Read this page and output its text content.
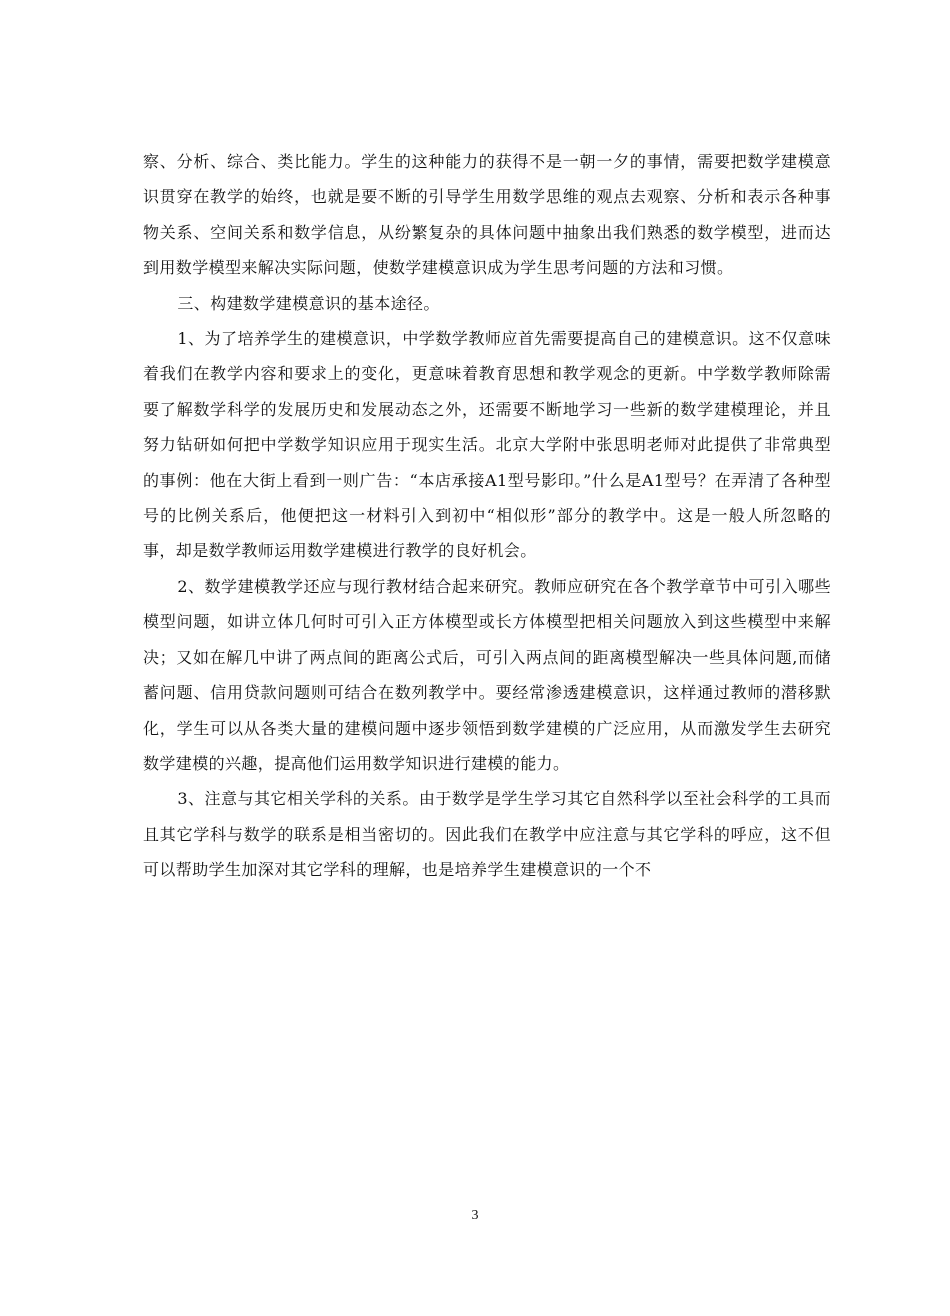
察、分析、综合、类比能力。学生的这种能力的获得不是一朝一夕的事情，需要把数学建模意识贯穿在教学的始终，也就是要不断的引导学生用数学思维的观点去观察、分析和表示各种事物关系、空间关系和数学信息，从纷繁复杂的具体问题中抽象出我们熟悉的数学模型，进而达到用数学模型来解决实际问题，使数学建模意识成为学生思考问题的方法和习惯。

三、构建数学建模意识的基本途径。

1、为了培养学生的建模意识，中学数学教师应首先需要提高自己的建模意识。这不仅意味着我们在教学内容和要求上的变化，更意味着教育思想和教学观念的更新。中学数学教师除需要了解数学科学的发展历史和发展动态之外，还需要不断地学习一些新的数学建模理论，并且努力钻研如何把中学数学知识应用于现实生活。北京大学附中张思明老师对此提供了非常典型的事例：他在大街上看到一则广告：“本店承接A1型号影印。”什么是A1型号？在弄清了各种型号的比例关系后，他便把这一材料引入到初中“相似形”部分的教学中。这是一般人所忽略的事，却是数学教师运用数学建模进行教学的良好机会。

2、数学建模教学还应与现行教材结合起来研究。教师应研究在各个教学章节中可引入哪些模型问题，如讲立体几何时可引入正方体模型或长方体模型把相关问题放入到这些模型中来解决；又如在解几中讲了两点间的距离公式后，可引入两点间的距离模型解决一些具体问题,而储蓄问题、信用贷款问题则可结合在数列教学中。要经常渗透建模意识，这样通过教师的潜移默化，学生可以从各类大量的建模问题中逐步领悟到数学建模的广泛应用，从而激发学生去研究数学建模的兴趣，提高他们运用数学知识进行建模的能力。

3、注意与其它相关学科的关系。由于数学是学生学习其它自然科学以至社会科学的工具而且其它学科与数学的联系是相当密切的。因此我们在教学中应注意与其它学科的呼应，这不但可以帮助学生加深对其它学科的理解，也是培养学生建模意识的一个不

3
